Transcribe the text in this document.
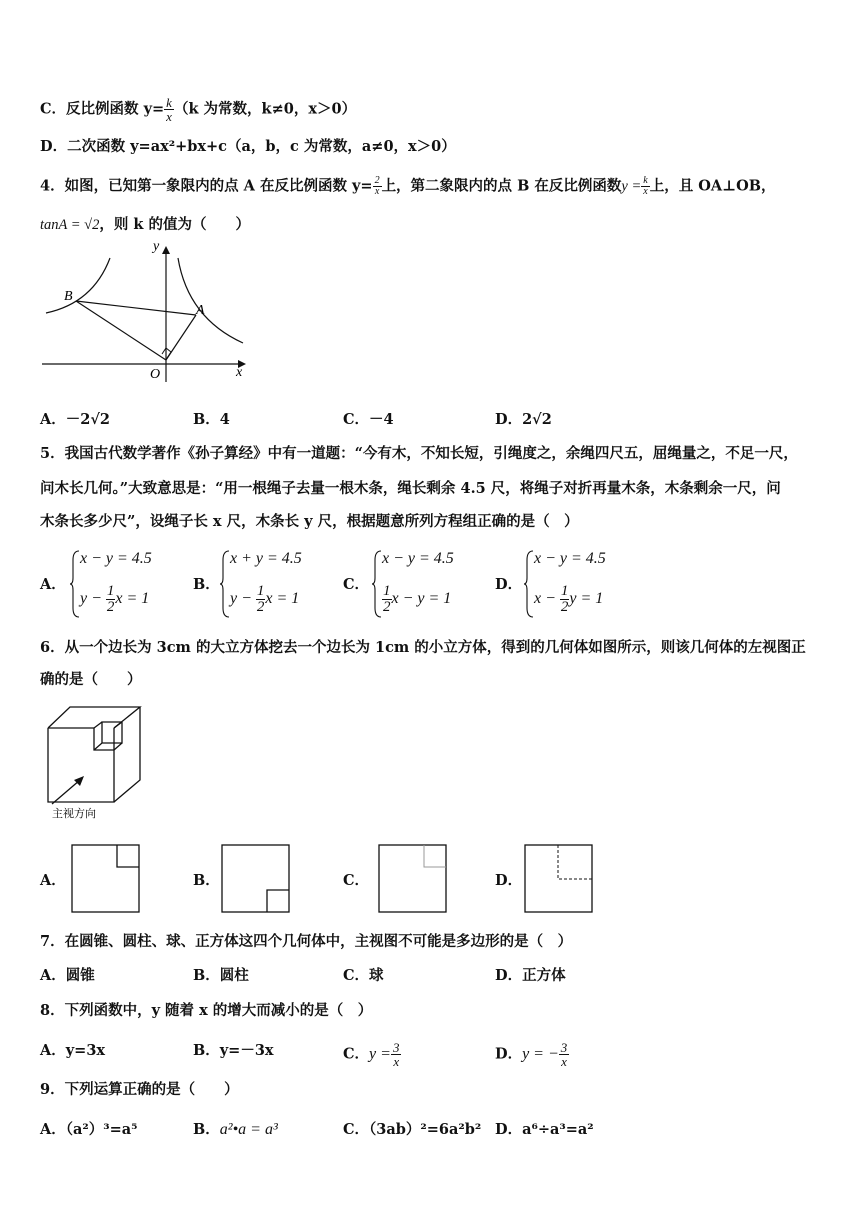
C．反比例函数 $y= \frac{k}{x} (k$ 为常数，k≠0，x＞0）
D．二次函数 y=ax²+bx+c（a，b，c 为常数，a≠0，x＞0）
4．如图，已知第一象限内的点 A 在反比例函数 $y= \frac{2}{x}$ 上，第二象限内的点 B 在反比例函数$y = \frac{k}{x}$ 上，且 OA⊥OB，
tanA = √2，则 k 的值为（　　）
y
x
O
A
B
A．－2√2	B．4	C．－4	D．2√2
5．我国古代数学著作《孙子算经》中有一道题：“今有木，不知长短，引绳度之，余绳四尺五，屈绳量之，不足一尺，
问木长几何。”大致意思是：“用一根绳子去量一根木条，绳长剩余 4.5 尺，将绳子对折再量木条，木条剩余一尺，问
木条长多少尺”，设绳子长 x 尺，木条长 y 尺，根据题意所列方程组正确的是（　）
A．
x − y = 4.5
$y - \frac{1}{2}$ x = 1
B．
x + y = 4.5
$y - \frac{1}{2}$ x = 1
C．
x − y = 4.5
$\frac{1}{2}$ x − y = 1
D．
x − y = 4.5
$x - \frac{1}{2}$ y = 1
6．从一个边长为 3cm 的大立方体挖去一个边长为 1cm 的小立方体，得到的几何体如图所示，则该几何体的左视图正
确的是（　　）
主视方向
A．	B．	C．	D．
7．在圆锥、圆柱、球、正方体这四个几何体中，主视图不可能是多边形的是（　）
A．圆锥	B．圆柱	C．球	D．正方体
8．下列函数中，y 随着 x 的增大而减小的是（　）
A．y=3x	B．y=－3x	C．$y = \frac{3}{x}$	D．y = − $\frac{3}{x}$
9．下列运算正确的是（　　）
A．（a²）³=a⁵	B．a²•a = a³	C．（3ab）²=6a²b² D．a⁶÷a³=a²
